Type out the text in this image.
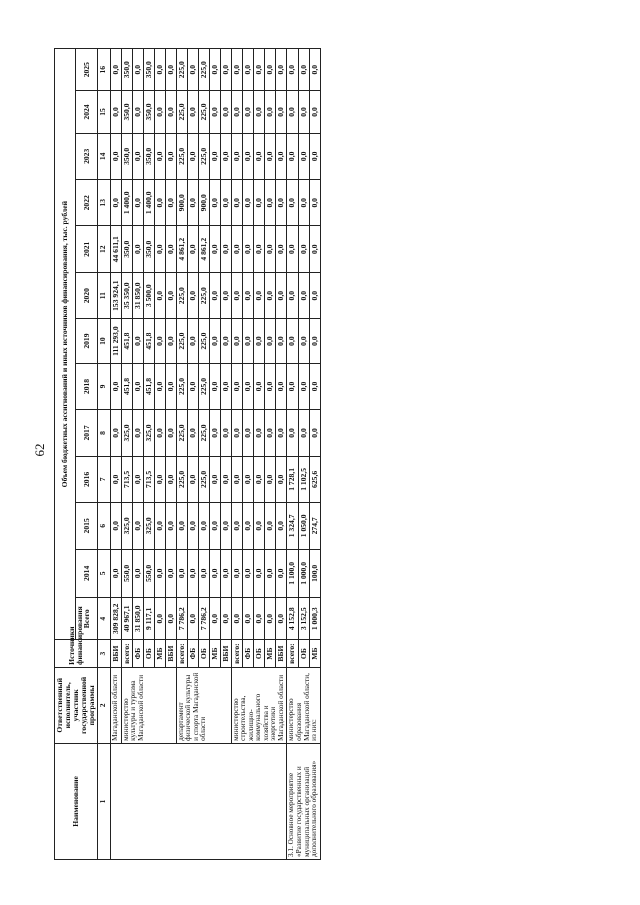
62
Наименование	Ответственный исполнитель, участник государственной программы	Источники финансирования	Объем бюджетных ассигнований и иных источников финансирования, тыс. рублей												
			Всего	2014	2015	2016	2017	2018	2019	2020	2021	2022	2023	2024	2025
1	2	3	4	5	6	7	8	9	10	11	12	13	14	15	16
	Магаданской области	ВБИ	309 828,2	0,0	0,0	0,0	0,0	0,0	111 293,0	153 924,1	44 611,1	0,0	0,0	0,0	0,0
	министерство культуры и туризма Магаданской области	всего:	40 967,1	550,0	325,0	713,5	325,0	451,8	451,8	35 350,0	350,0	1 400,0	350,0	350,0	350,0
		ФБ	31 850,0	0,0	0,0	0,0	0,0	0,0	0,0	31 850,0	0,0	0,0	0,0	0,0	0,0
		ОБ	9 117,1	550,0	325,0	713,5	325,0	451,8	451,8	3 500,0	350,0	1 400,0	350,0	350,0	350,0
		МБ	0,0	0,0	0,0	0,0	0,0	0,0	0,0	0,0	0,0	0,0	0,0	0,0	0,0
		ВБИ	0,0	0,0	0,0	0,0	0,0	0,0	0,0	0,0	0,0	0,0	0,0	0,0	0,0
	департамент физической культуры и спорта Магаданской области	всего:	7 786,2	0,0	0,0	225,0	225,0	225,0	225,0	225,0	4 861,2	900,0	225,0	225,0	225,0
		ФБ	0,0	0,0	0,0	0,0	0,0	0,0	0,0	0,0	0,0	0,0	0,0	0,0	0,0
		ОБ	7 786,2	0,0	0,0	225,0	225,0	225,0	225,0	225,0	4 861,2	900,0	225,0	225,0	225,0
		МБ	0,0	0,0	0,0	0,0	0,0	0,0	0,0	0,0	0,0	0,0	0,0	0,0	0,0
		ВБИ	0,0	0,0	0,0	0,0	0,0	0,0	0,0	0,0	0,0	0,0	0,0	0,0	0,0
	министерство строительства, жилищно-коммунального хозяйства и энергетики Магаданской области	всего:	0,0	0,0	0,0	0,0	0,0	0,0	0,0	0,0	0,0	0,0	0,0	0,0	0,0
		ФБ	0,0	0,0	0,0	0,0	0,0	0,0	0,0	0,0	0,0	0,0	0,0	0,0	0,0
		ОБ	0,0	0,0	0,0	0,0	0,0	0,0	0,0	0,0	0,0	0,0	0,0	0,0	0,0
		МБ	0,0	0,0	0,0	0,0	0,0	0,0	0,0	0,0	0,0	0,0	0,0	0,0	0,0
		ВБИ	0,0	0,0	0,0	0,0	0,0	0,0	0,0	0,0	0,0	0,0	0,0	0,0	0,0
3.1. Основное мероприятие «Развитие государственных и муниципальных организаций дополнительного образования»	министерство образования Магаданской области, из них:	всего:	4 152,8	1 100,0	1 324,7	1 728,1	0,0	0,0	0,0	0,0	0,0	0,0	0,0	0,0	0,0
		ОБ	3 152,5	1 000,0	1 050,0	1 102,5	0,0	0,0	0,0	0,0	0,0	0,0	0,0	0,0	0,0
		МБ	1 000,3	100,0	274,7	625,6	0,0	0,0	0,0	0,0	0,0	0,0	0,0	0,0	0,0
